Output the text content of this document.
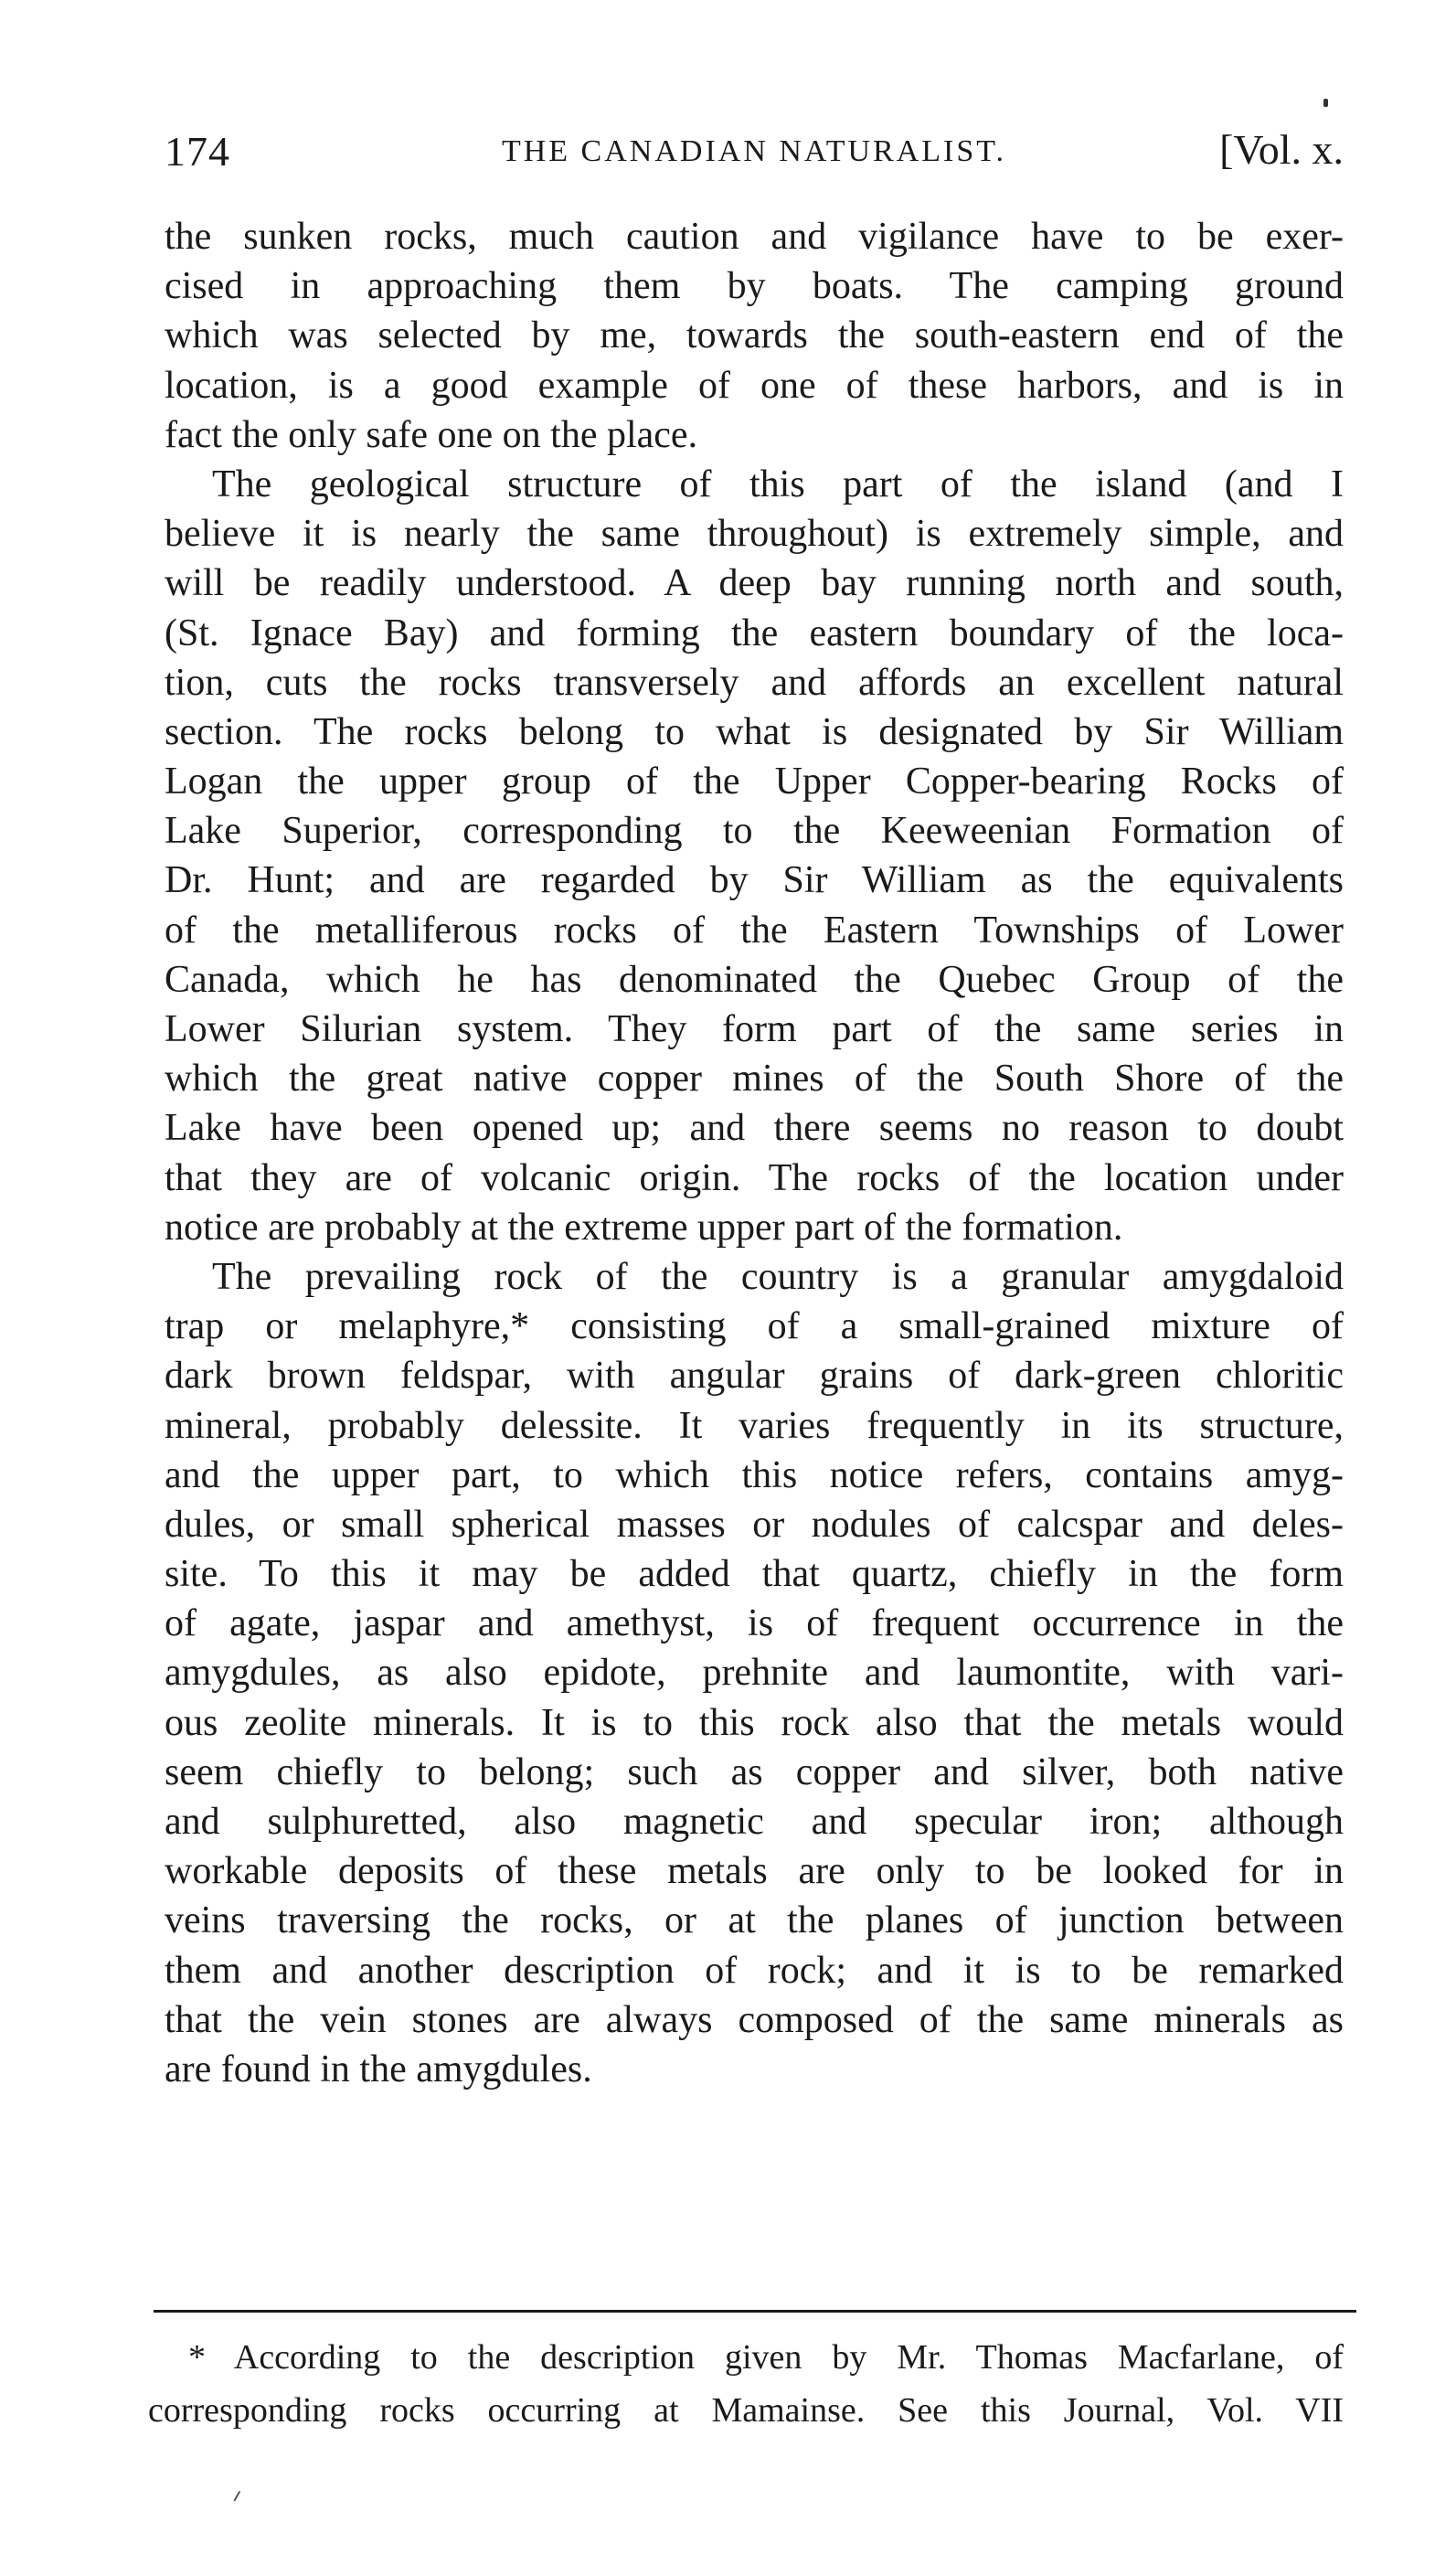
174	THE CANADIAN NATURALIST.	[Vol. x.
the sunken rocks, much caution and vigilance have to be exer-
cised in approaching them by boats. The camping ground
which was selected by me, towards the south-eastern end of the
location, is a good example of one of these harbors, and is in
fact the only safe one on the place.
The geological structure of this part of the island (and I
believe it is nearly the same throughout) is extremely simple, and
will be readily understood. A deep bay running north and south,
(St. Ignace Bay) and forming the eastern boundary of the loca-
tion, cuts the rocks transversely and affords an excellent natural
section. The rocks belong to what is designated by Sir William
Logan the upper group of the Upper Copper-bearing Rocks of
Lake Superior, corresponding to the Keeweenian Formation of
Dr. Hunt; and are regarded by Sir William as the equivalents
of the metalliferous rocks of the Eastern Townships of Lower
Canada, which he has denominated the Quebec Group of the
Lower Silurian system. They form part of the same series in
which the great native copper mines of the South Shore of the
Lake have been opened up; and there seems no reason to doubt
that they are of volcanic origin. The rocks of the location under
notice are probably at the extreme upper part of the formation.
The prevailing rock of the country is a granular amygdaloid
trap or melaphyre,* consisting of a small-grained mixture of
dark brown feldspar, with angular grains of dark-green chloritic
mineral, probably delessite. It varies frequently in its structure,
and the upper part, to which this notice refers, contains amyg-
dules, or small spherical masses or nodules of calcspar and deles-
site. To this it may be added that quartz, chiefly in the form
of agate, jaspar and amethyst, is of frequent occurrence in the
amygdules, as also epidote, prehnite and laumontite, with vari-
ous zeolite minerals. It is to this rock also that the metals would
seem chiefly to belong; such as copper and silver, both native
and sulphuretted, also magnetic and specular iron; although
workable deposits of these metals are only to be looked for in
veins traversing the rocks, or at the planes of junction between
them and another description of rock; and it is to be remarked
that the vein stones are always composed of the same minerals as
are found in the amygdules.
* According to the description given by Mr. Thomas Macfarlane, of
corresponding rocks occurring at Mamainse. See this Journal, Vol. VII
